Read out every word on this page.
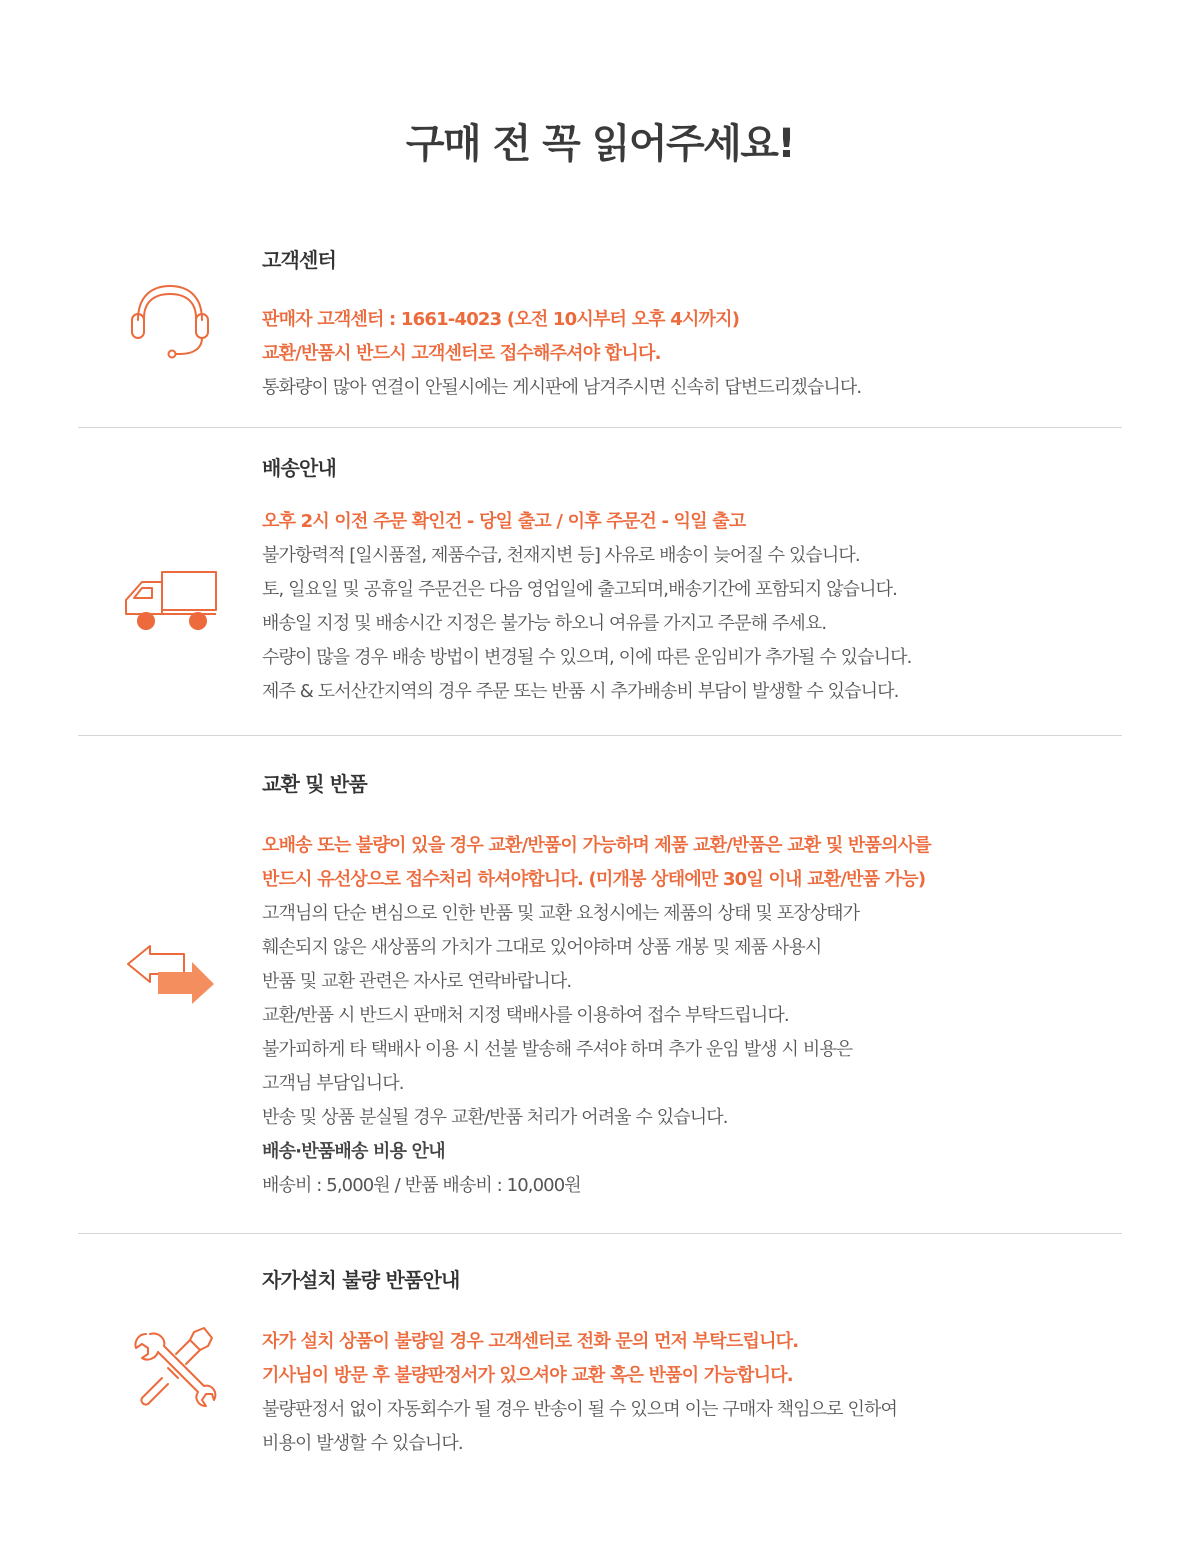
구매 전 꼭 읽어주세요!
고객센터
판매자 고객센터 : 1661-4023 (오전 10시부터 오후 4시까지)
교환/반품시 반드시 고객센터로 접수해주셔야 합니다.
통화량이 많아 연결이 안될시에는 게시판에 남겨주시면 신속히 답변드리겠습니다.
배송안내
오후 2시 이전 주문 확인건 - 당일 출고 / 이후 주문건 - 익일 출고
불가항력적 [일시품절, 제품수급, 천재지변 등] 사유로 배송이 늦어질 수 있습니다.
토, 일요일 및 공휴일 주문건은 다음 영업일에 출고되며,배송기간에 포함되지 않습니다.
배송일 지정 및 배송시간 지정은 불가능 하오니 여유를 가지고 주문해 주세요.
수량이 많을 경우 배송 방법이 변경될 수 있으며, 이에 따른 운임비가 추가될 수 있습니다.
제주 & 도서산간지역의 경우 주문 또는 반품 시 추가배송비 부담이 발생할 수 있습니다.
교환 및 반품
오배송 또는 불량이 있을 경우 교환/반품이 가능하며 제품 교환/반품은 교환 및 반품의사를
반드시 유선상으로 접수처리 하셔야합니다. (미개봉 상태에만 30일 이내 교환/반품 가능)
고객님의 단순 변심으로 인한 반품 및 교환 요청시에는 제품의 상태 및 포장상태가
훼손되지 않은 새상품의 가치가 그대로 있어야하며 상품 개봉 및 제품 사용시
반품 및 교환 관련은 자사로 연락바랍니다.
교환/반품 시 반드시 판매처 지정 택배사를 이용하여 접수 부탁드립니다.
불가피하게 타 택배사 이용 시 선불 발송해 주셔야 하며 추가 운임 발생 시 비용은
고객님 부담입니다.
반송 및 상품 분실될 경우 교환/반품 처리가 어려울 수 있습니다.
배송·반품배송 비용 안내
배송비 : 5,000원 / 반품 배송비 : 10,000원
자가설치 불량 반품안내
자가 설치 상품이 불량일 경우 고객센터로 전화 문의 먼저 부탁드립니다.
기사님이 방문 후 불량판정서가 있으셔야 교환 혹은 반품이 가능합니다.
불량판정서 없이 자동회수가 될 경우 반송이 될 수 있으며 이는 구매자 책임으로 인하여
비용이 발생할 수 있습니다.
